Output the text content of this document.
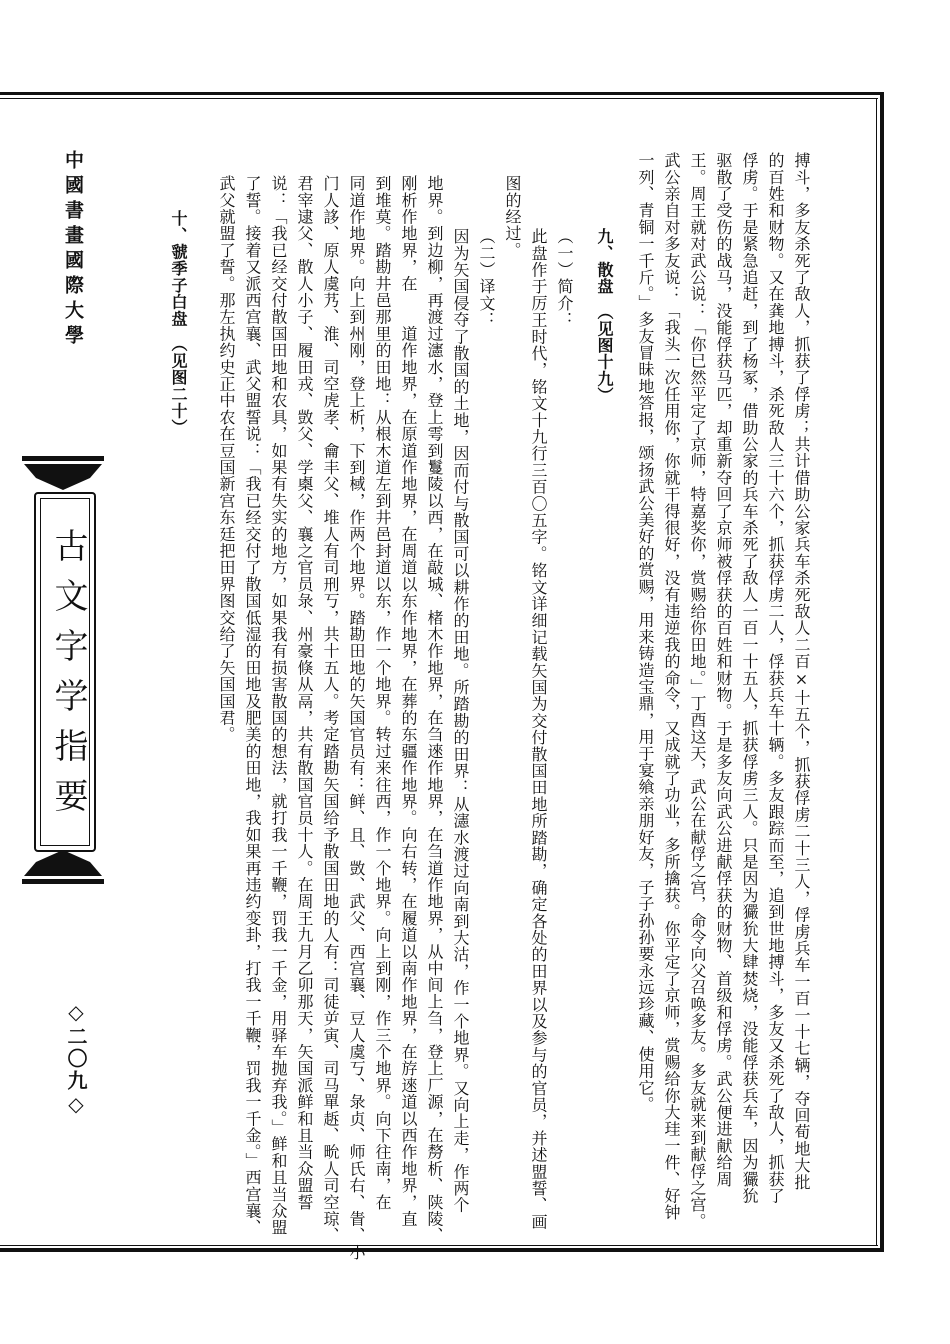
中國書畫國際大學
古文字学指要
◇二〇九◇	搏斗，多友杀死了敌人，抓获了俘虏；共计借助公家兵车杀死敌人二百×十五个，抓获俘虏二十三人，俘虏兵车一百一十七辆，夺回荀地大批
的百姓和财物。又在龚地搏斗，杀死敌人三十六个，抓获俘虏二人，俘获兵车十辆。多友跟踪而至，追到世地搏斗，多友又杀死了敌人，抓获了
俘虏。于是紧急追赶，到了杨冢，借助公家的兵车杀死了敌人一百一十五人，抓获俘虏三人。只是因为玁狁大肆焚烧，没能俘获兵车，因为玁狁
驱散了受伤的战马，没能俘获马匹，却重新夺回了京师被俘获的百姓和财物。于是多友向武公进献俘获的财物、首级和俘虏。武公便进献给周
王。周王就对武公说：「你已然平定了京师，特嘉奖你，赏赐给你田地。」丁酉这天，武公在献俘之宫，命令向父召唤多友。多友就来到献俘之宫。
武公亲自对多友说：「我头一次任用你，你就干得很好，没有违逆我的命令，又成就了功业，多所擒获。你平定了京师，赏赐给你大珪一件、好钟
一列、青铜一千斤。」多友冒昧地答报，颂扬武公美好的赏赐，用来铸造宝鼎，用于宴飨亲朋好友，子子孙孙要永远珍藏、使用它。
九、散盘　（见图十九）
（一）简介：
此盘作于厉王时代，铭文十九行三百〇五字。铭文详细记载矢国为交付散国田地所踏勘，确定各处的田界以及参与的官员，并述盟誓、画
图的经过。
（二）译文：
因为矢国侵夺了散国的土地，因而付与散国可以耕作的田地。所踏勘的田界：从瀗水渡过向南到大沽，作一个地界。又向上走，作两个
地界。到边柳，再渡过瀗水，登上雩到鬘陵以西，在敲城、楮木作地界，在刍逨作地界，在刍道作地界，从中间上刍，登上厂源，在剺析、陕陵、
刚析作地界，在　　道作地界，在原道作地界，在周道以东作地界，在葬的东疆作地界。向右转，在履道以南作地界，在斿逨道以西作地界，直
到堆莫。踏勘井邑那里的田地：从根木道左到井邑封道以东，作一个地界。转过来往西，作一个地界。向上到刚，作三个地界。向下往南，在
同道作地界。向上到州刚，登上析，下到棫，作两个地界。踏勘田地的矢国官员有：鲜、且、敳、武父、西宫襄、豆人虞丂、彔贞、师氏右、眚、小
门人誃、原人虞艿、淮、司空虎孝、龠丰父、堆人有司刑丂，共十五人。考定踏勘矢国给予散国田地的人有：司徒屰寅、司马單䞣、㽙人司空琼、
君宰逮父、散人小子、履田戎、敳父、学㮚父、襄之官员彔、州豪倏从鬲，共有散国官员十人。在周王九月乙卯那天，矢国派鲜和且当众盟誓
说：「我已经交付散国田地和农具，如果有失实的地方，如果我有损害散国的想法，就打我一千鞭，罚我一千金，用驿车抛弃我。」鲜和且当众盟
了誓。接着又派西宫襄、武父盟誓说：「我已经交付了散国低湿的田地及肥美的田地，我如果再违约变卦，打我一千鞭，罚我一千金。」西宫襄、
武父就盟了誓。那左执约史正中农在豆国新宫东廷把田界图交给了矢国国君。
十、虢季子白盘　（见图二十）
